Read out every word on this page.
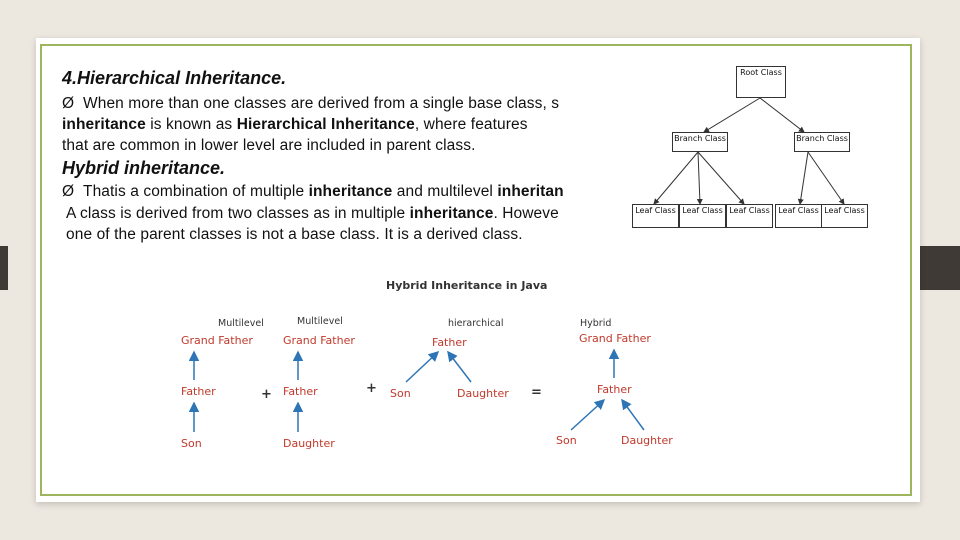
4.Hierarchical Inheritance.
Ø When more than one classes are derived from a single base class, s
inheritance is known as Hierarchical Inheritance, where features
that are common in lower level are included in parent class.
Hybrid inheritance.
Ø Thatis a combination of multiple inheritance and multilevel inheritan
A class is derived from two classes as in multiple inheritance. Howeve
one of the parent classes is not a base class. It is a derived class.
Root Class
Branch Class	Branch Class
Leaf Class Leaf Class Leaf Class	Leaf Class Leaf Class
Hybrid Inheritance in Java
Multilevel
Grand Father
Father
Son
+
Multilevel
Grand Father
Father
Daughter
+
hierarchical
Father
Son	Daughter =
Hybrid
Grand Father
Father
Son	Daughter
